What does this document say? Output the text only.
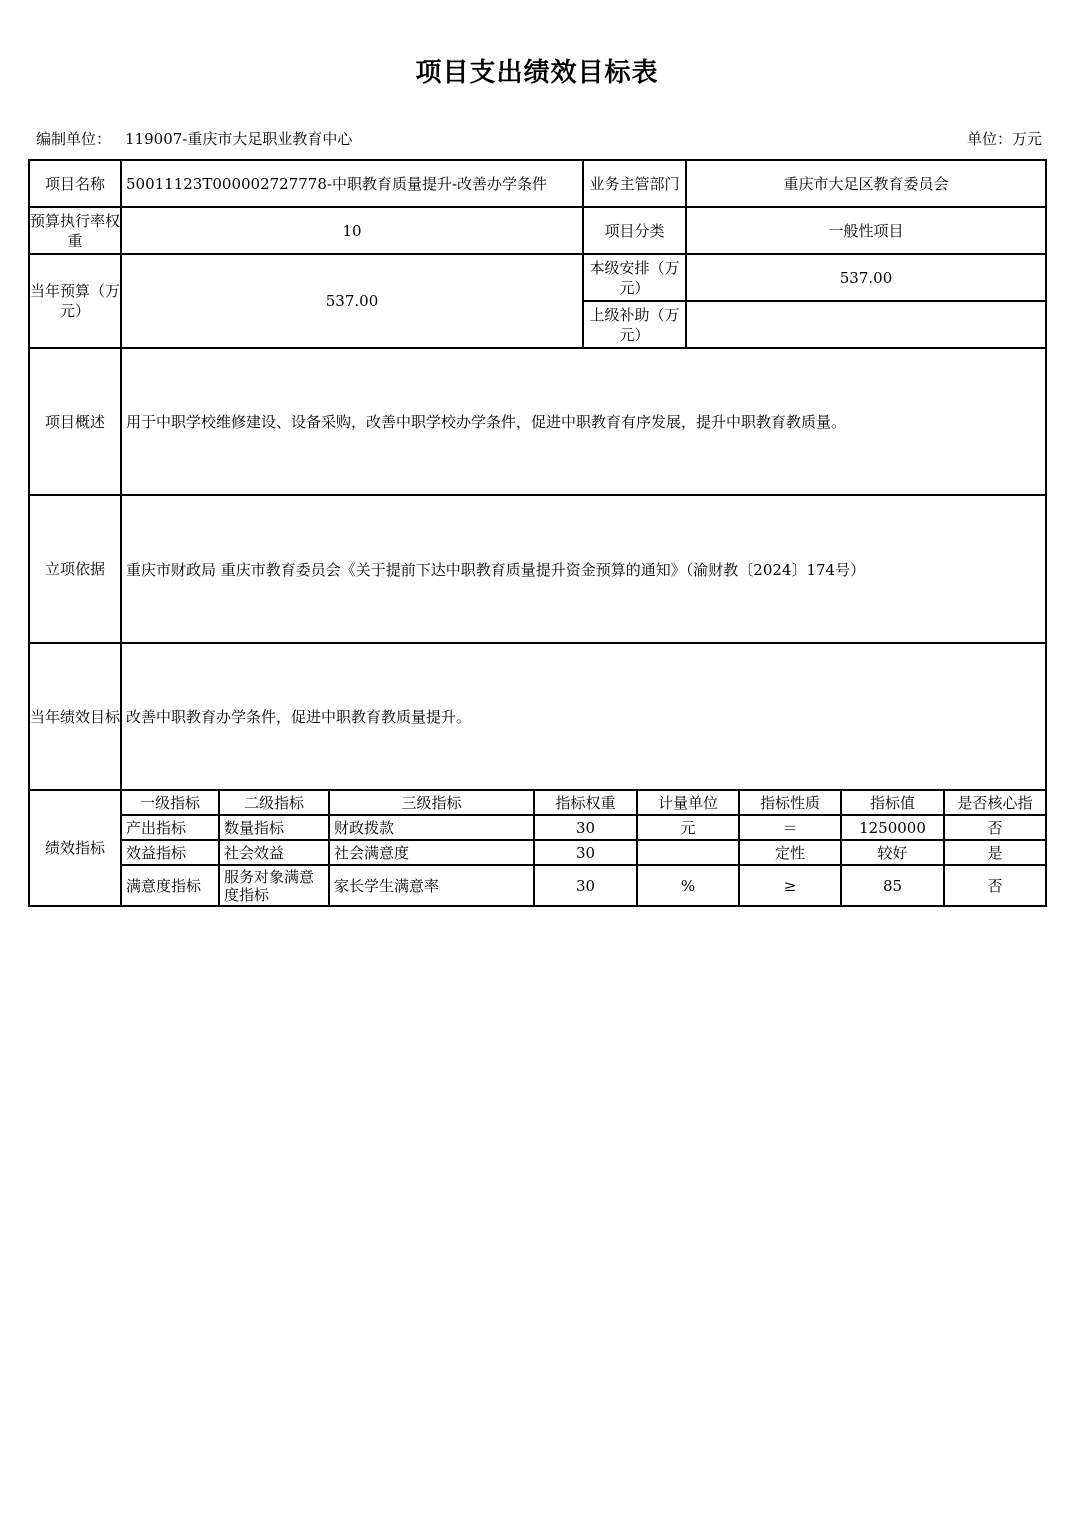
项目支出绩效目标表
编制单位： 119007-重庆市大足职业教育中心	单位：万元
项目名称	50011123T000002727778-中职教育质量提升-改善办学条件	业务主管部门	重庆市大足区教育委员会
预算执行率权重	10	项目分类	一般性项目
当年预算（万元）	537.00	本级安排（万元）	537.00
上级补助（万元）	
项目概述	用于中职学校维修建设、设备采购，改善中职学校办学条件，促进中职教育有序发展，提升中职教育教质量。
立项依据	重庆市财政局 重庆市教育委员会《关于提前下达中职教育质量提升资金预算的通知》（渝财教〔2024〕174号）
当年绩效目标	改善中职教育办学条件，促进中职教育教质量提升。
绩效指标	
一级指标	二级指标	三级指标	指标权重	计量单位	指标性质	指标值	是否核心指
产出指标	数量指标	财政拨款	30	元	＝	1250000	否
效益指标	社会效益	社会满意度	30		定性	较好	是
满意度指标	服务对象满意度指标	家长学生满意率	30	%	≥	85	否
